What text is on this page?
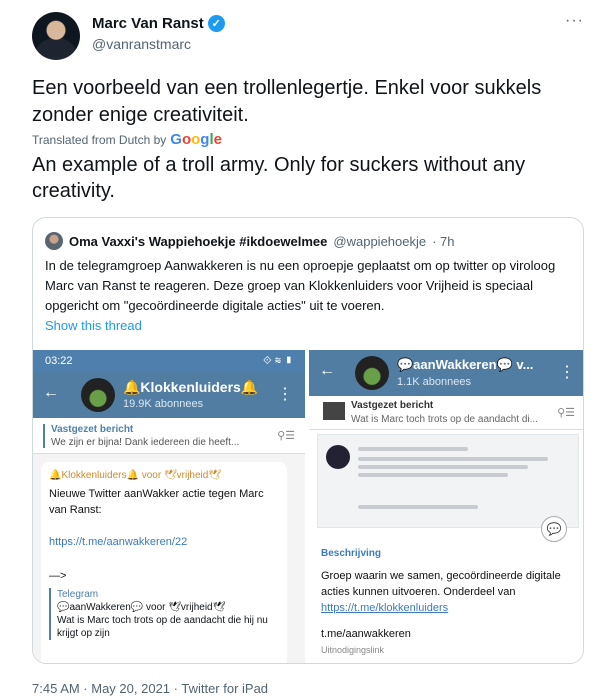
Marc Van Ranst ✓
@vanranstmarc
···
Een voorbeeld van een trollenlegertje. Enkel voor sukkels zonder enige creativiteit.
Translated from Dutch by Google
An example of a troll army. Only for suckers without any creativity.
Oma Vaxxi's Wappiehoekje #ikdoewelmee @wappiehoekje · 7h
In de telegramgroep Aanwakkeren is nu een oproepje geplaatst om op twitter op viroloog Marc van Ranst te reageren. Deze groep van Klokkenluiders voor Vrijheid is speciaal opgericht om "gecoördineerde digitale acties" uit te voeren.
Show this thread
03:22	⟐ ≋ ▮
←	🔔Klokkenluiders🔔
19.9K abonnees
⋮
Vastgezet bericht
We zijn er bijna! Dank iedereen die heeft...
⚲☰
🔔Klokkenluiders🔔 voor 🕊vrijheid🕊
Nieuwe Twitter aanWakker actie tegen Marc van Ranst:
https://t.me/aanwakkeren/22
—>
Telegram
💬aanWakkeren💬 voor 🕊vrijheid🕊
Wat is Marc toch trots op de aandacht die hij nu krijgt op zijn
←	💬aanWakkeren💬 v...
1.1K abonnees
⋮
Vastgezet bericht
Wat is Marc toch trots op de aandacht di...
⚲☰
💬
Beschrijving
Groep waarin we samen, gecoördineerde digitale acties kunnen uitvoeren. Onderdeel van https://t.me/klokkenluiders
t.me/aanwakkeren
Uitnodigingslink
7:45 AM · May 20, 2021 · Twitter for iPad
